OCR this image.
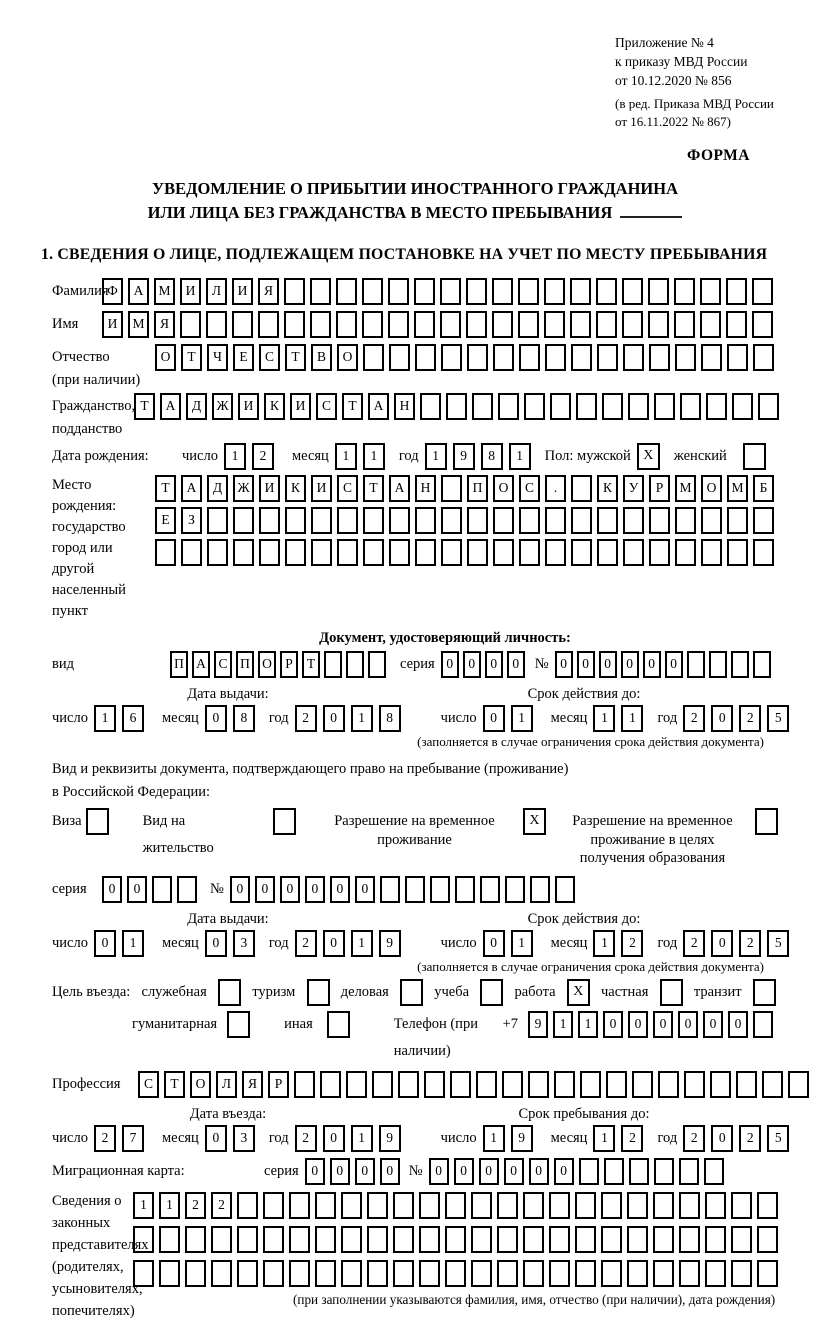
Приложение № 4
к приказу МВД России
от 10.12.2020 № 856
(в ред. Приказа МВД России
от 16.11.2022 № 867)
ФОРМА
УВЕДОМЛЕНИЕ О ПРИБЫТИИ ИНОСТРАННОГО ГРАЖДАНИНА
ИЛИ ЛИЦА БЕЗ ГРАЖДАНСТВА В МЕСТО ПРЕБЫВАНИЯ
1. СВЕДЕНИЯ О ЛИЦЕ, ПОДЛЕЖАЩЕМ ПОСТАНОВКЕ НА УЧЕТ ПО МЕСТУ ПРЕБЫВАНИЯ
Фамилия
Ф	А	М	И	Л	И	Я
Имя	И	М	Я
Отчество
(при наличии)
О	Т	Ч	Е	С	Т	В	О
Гражданство,
подданство
Т	А	Д	Ж	И	К	И	С	Т	А	Н
Дата рождения:	число	1	2	месяц	1	1	год	1	9	8	1	Пол: мужской X	женский
Место рождения:
государство
город или другой
населенный пункт
Т	А	Д	Ж	И	К	И	С	Т	А	Н	П	О	С	.	К	У	Р	М	О	М	Б
Е	З
Документ, удостоверяющий личность:
вид	П А С П О Р	Т	серия 0	0	0	0	№ 0	0	0	0	0	0
Дата выдачи:	Срок действия до:
число	1	6	месяц	0	8	год	2	0	1	8	число	0	1	месяц	1	1	год	2	0	2	5
(заполняется в случае ограничения срока действия документа)
Вид и реквизиты документа, подтверждающего право на пребывание (проживание)
в Российской Федерации:
Виза	Вид на жительство
Разрешение на временное
проживание
X	Разрешение на временное
проживание в целях
получения образования
серия	0	0	№ 0	0	0	0	0	0
Дата выдачи:	Срок действия до:
число	0	1	месяц	0	3	год	2	0	1	9	число	0	1	месяц	1	2	год	2	0	2	5
(заполняется в случае ограничения срока действия документа)
Цель въезда: служебная	туризм	деловая	учеба	работа	X	частная	транзит
гуманитарная	иная	Телефон (при наличии)
+7	9	1	1	0	0	0	0	0	0
Профессия	С	Т	О	Л	Я	Р
Дата въезда:	Срок пребывания до:
число	2	7	месяц	0	3	год	2	0	1	9	число	1	9	месяц	1	2	год	2	0	2	5
Миграционная карта:	серия 0	0	0	0	№ 0	0	0	0	0	0
Сведения о
законных
представителях
(родителях,
усыновителях,
попечителях)
1	1	2	2
(при заполнении указываются фамилия, имя, отчество (при наличии), дата рождения)
